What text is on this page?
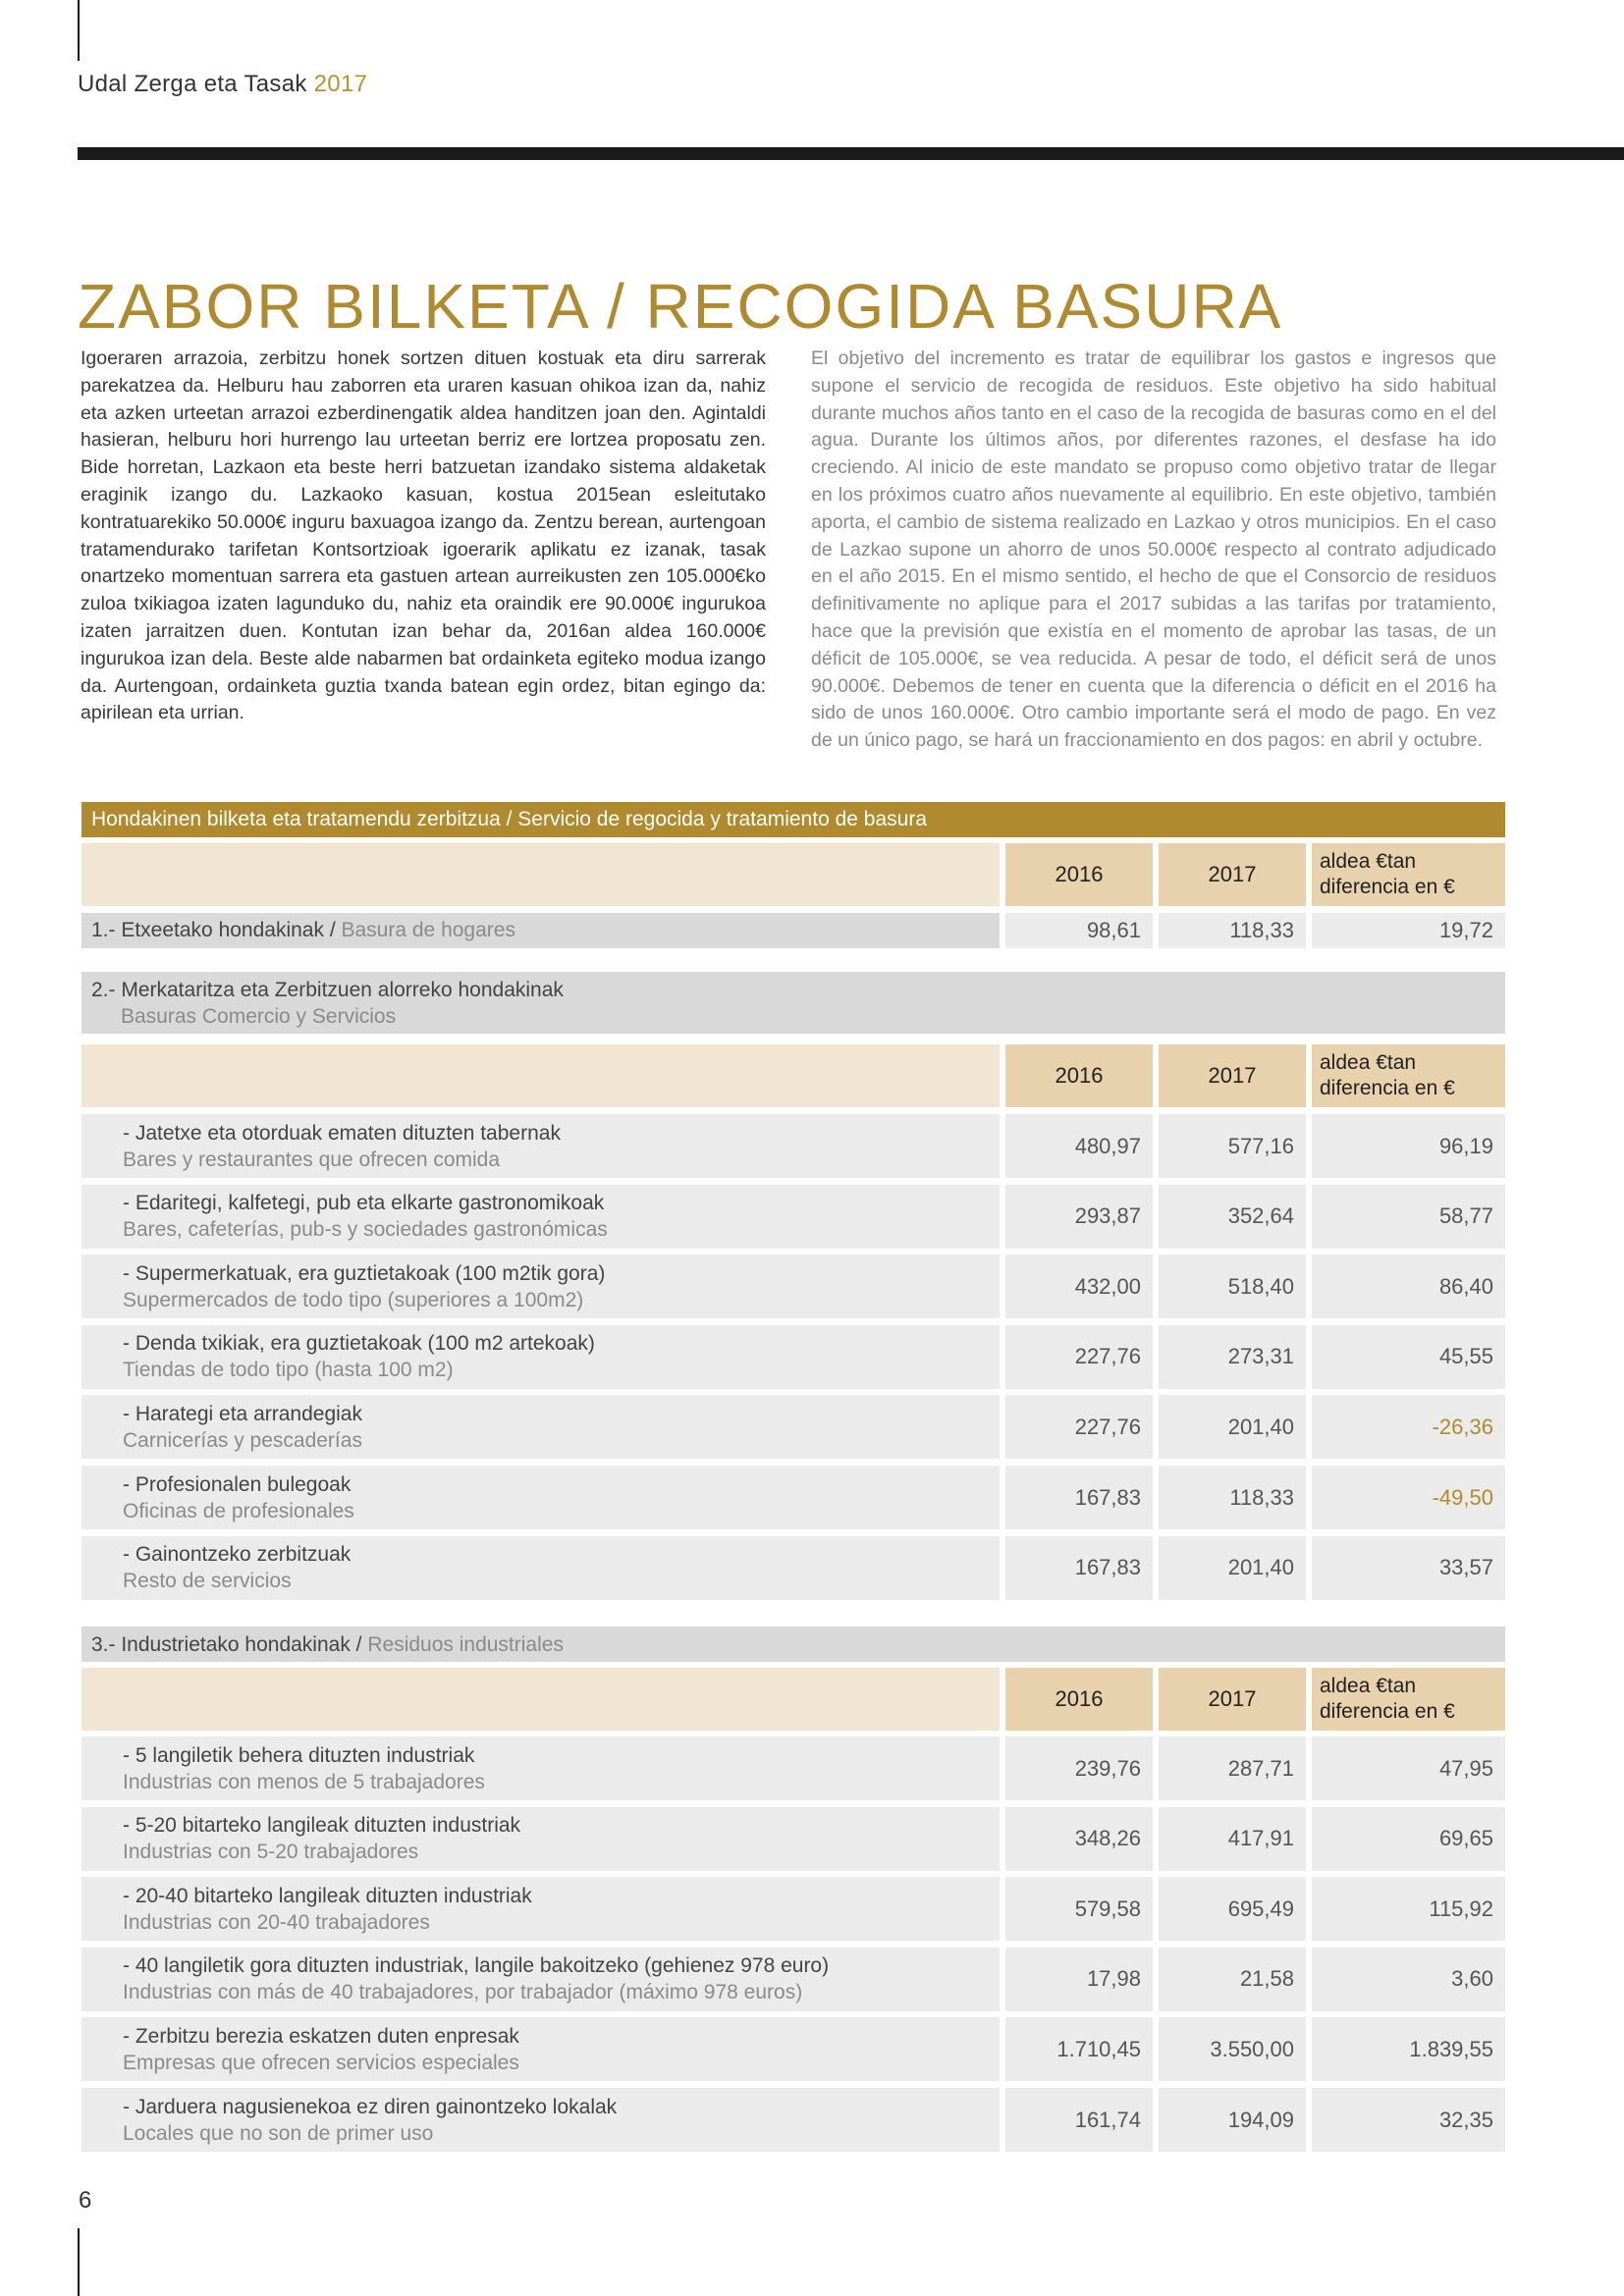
Udal Zerga eta Tasak 2017
ZABOR BILKETA / RECOGIDA BASURA
Igoeraren arrazoia, zerbitzu honek sortzen dituen kostuak eta diru sarrerak parekatzea da. Helburu hau zaborren eta uraren kasuan ohikoa izan da, nahiz eta azken urteetan arrazoi ezberdinengatik aldea handitzen joan den. Agintaldi hasieran, helburu hori hurrengo lau urteetan berriz ere lortzea proposatu zen. Bide horretan, Lazkaon eta beste herri batzuetan izandako sistema aldaketak eraginik izango du. Lazkaoko kasuan, kostua 2015ean esleitutako kontratuarekiko 50.000€ inguru baxuagoa izango da. Zentzu berean, aurtengoan tratamendurako tarifetan Kontsortzioak igoerarik aplikatu ez izanak, tasak onartzeko momentuan sarrera eta gastuen artean aurreikusten zen 105.000€ko zuloa txikiagoa izaten lagunduko du, nahiz eta oraindik ere 90.000€ ingurukoa izaten jarraitzen duen. Kontutan izan behar da, 2016an aldea 160.000€ ingurukoa izan dela. Beste alde nabarmen bat ordainketa egiteko modua izango da. Aurtengoan, ordainketa guztia txanda batean egin ordez, bitan egingo da: apirilean eta urrian.
El objetivo del incremento es tratar de equilibrar los gastos e ingresos que supone el servicio de recogida de residuos. Este objetivo ha sido habitual durante muchos años tanto en el caso de la recogida de basuras como en el del agua. Durante los últimos años, por diferentes razones, el desfase ha ido creciendo. Al inicio de este mandato se propuso como objetivo tratar de llegar en los próximos cuatro años nuevamente al equilibrio. En este objetivo, también aporta, el cambio de sistema realizado en Lazkao y otros municipios. En el caso de Lazkao supone un ahorro de unos 50.000€ respecto al contrato adjudicado en el año 2015. En el mismo sentido, el hecho de que el Consorcio de residuos definitivamente no aplique para el 2017 subidas a las tarifas por tratamiento, hace que la previsión que existía en el momento de aprobar las tasas, de un déficit de 105.000€, se vea reducida. A pesar de todo, el déficit será de unos 90.000€. Debemos de tener en cuenta que la diferencia o déficit en el 2016 ha sido de unos 160.000€. Otro cambio importante será el modo de pago. En vez de un único pago, se hará un fraccionamiento en dos pagos: en abril y octubre.
Hondakinen bilketa eta tratamendu zerbitzua / Servicio de regocida y tratamiento de basura
2016	2017
aldea €tan
diferencia en €
1.- Etxeetako hondakinak / Basura de hogares	98,61	118,33	19,72
2.- Merkataritza eta Zerbitzuen alorreko hondakinak
Basuras Comercio y Servicios
2016	2017
aldea €tan
diferencia en €
- Jatetxe eta otorduak ematen dituzten tabernak
Bares y restaurantes que ofrecen comida
480,97	577,16	96,19
- Edaritegi, kalfetegi, pub eta elkarte gastronomikoak
Bares, cafeterías, pub-s y sociedades gastronómicas
293,87	352,64	58,77
- Supermerkatuak, era guztietakoak (100 m2tik gora)
Supermercados de todo tipo (superiores a 100m2)
432,00	518,40	86,40
- Denda txikiak, era guztietakoak (100 m2 artekoak)
Tiendas de todo tipo (hasta 100 m2)
227,76	273,31	45,55
- Harategi eta arrandegiak
Carnicerías y pescaderías
227,76	201,40	-26,36
- Profesionalen bulegoak
Oficinas de profesionales
167,83	118,33	-49,50
- Gainontzeko zerbitzuak
Resto de servicios
167,83	201,40	33,57
3.- Industrietako hondakinak / Residuos industriales
2016	2017
aldea €tan
diferencia en €
- 5 langiletik behera dituzten industriak
Industrias con menos de 5 trabajadores
239,76	287,71	47,95
- 5-20 bitarteko langileak dituzten industriak
Industrias con 5-20 trabajadores
348,26	417,91	69,65
- 20-40 bitarteko langileak dituzten industriak
Industrias con 20-40 trabajadores
579,58	695,49	115,92
- 40 langiletik gora dituzten industriak, langile bakoitzeko (gehienez 978 euro)
Industrias con más de 40 trabajadores, por trabajador (máximo 978 euros)
17,98	21,58	3,60
- Zerbitzu berezia eskatzen duten enpresak
Empresas que ofrecen servicios especiales
1.710,45	3.550,00	1.839,55
- Jarduera nagusienekoa ez diren gainontzeko lokalak
Locales que no son de primer uso
161,74	194,09	32,35
6
